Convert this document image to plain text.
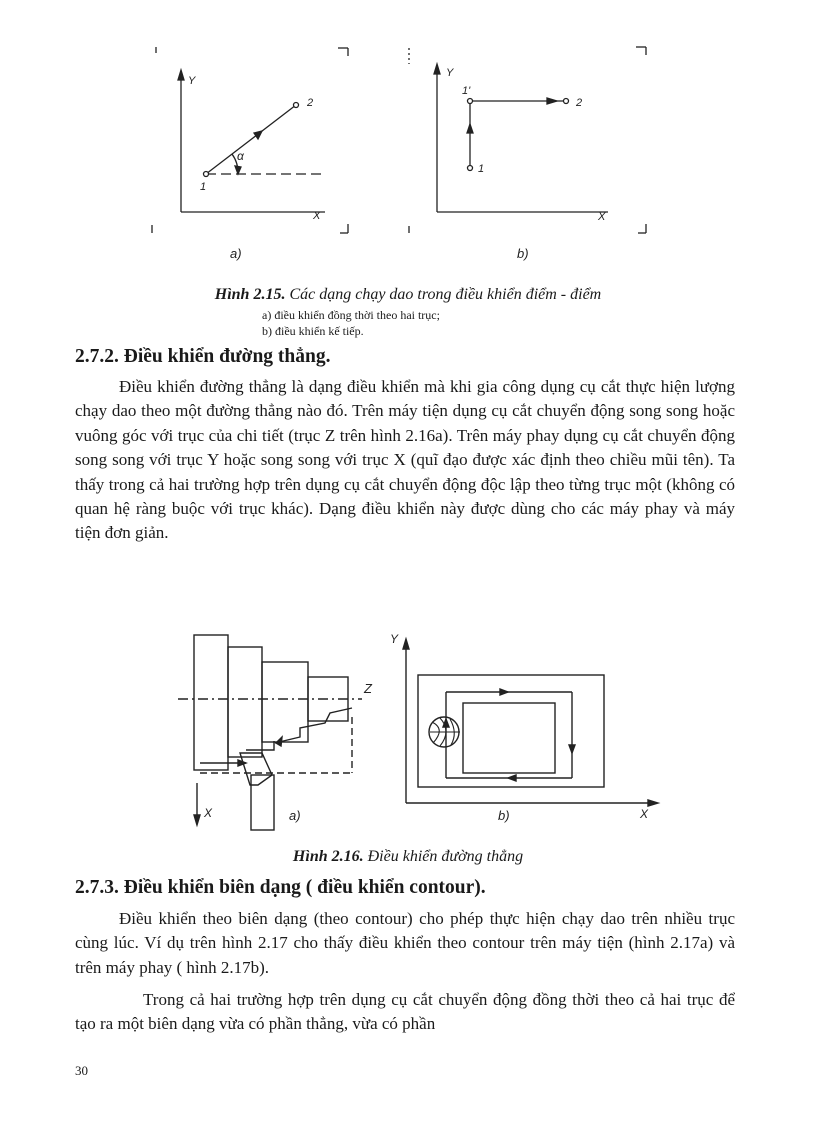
Y
X
1
2
α
a)
Y
X
1
1'
2
b)
Hình 2.15. Các dạng chạy dao trong điều khiển điểm - điểm
a) điều khiển đồng thời theo hai trục;
b) điều khiển kế tiếp.
2.7.2. Điều khiển đường thẳng.

Điều khiển đường thẳng là dạng điều khiển mà khi gia công dụng cụ cắt thực hiện lượng chạy dao theo một đường thẳng nào đó. Trên máy tiện dụng cụ cắt chuyển động song song hoặc vuông góc với trục của chi tiết (trục Z trên hình 2.16a). Trên máy phay dụng cụ cắt chuyển động song song với trục Y hoặc song song với trục X (quĩ đạo được xác định theo chiều mũi tên). Ta thấy trong cả hai trường hợp trên dụng cụ cắt chuyển động độc lập theo từng trục một (không có quan hệ ràng buộc với trục khác). Dạng điều khiển này được dùng cho các máy phay và máy tiện đơn giản.

Z
X	a)
Y
X
b)
Hình 2.16. Điều khiển đường thẳng
2.7.3. Điều khiển biên dạng ( điều khiển contour).

Điều khiển theo biên dạng (theo contour) cho phép thực hiện chạy dao trên nhiều trục cùng lúc. Ví dụ trên hình 2.17 cho thấy điều khiển theo contour trên máy tiện (hình 2.17a) và trên máy phay ( hình 2.17b).

Trong cả hai trường hợp trên dụng cụ cắt chuyển động đồng thời theo cả hai trục để tạo ra một biên dạng vừa có phần thẳng, vừa có phần

30
